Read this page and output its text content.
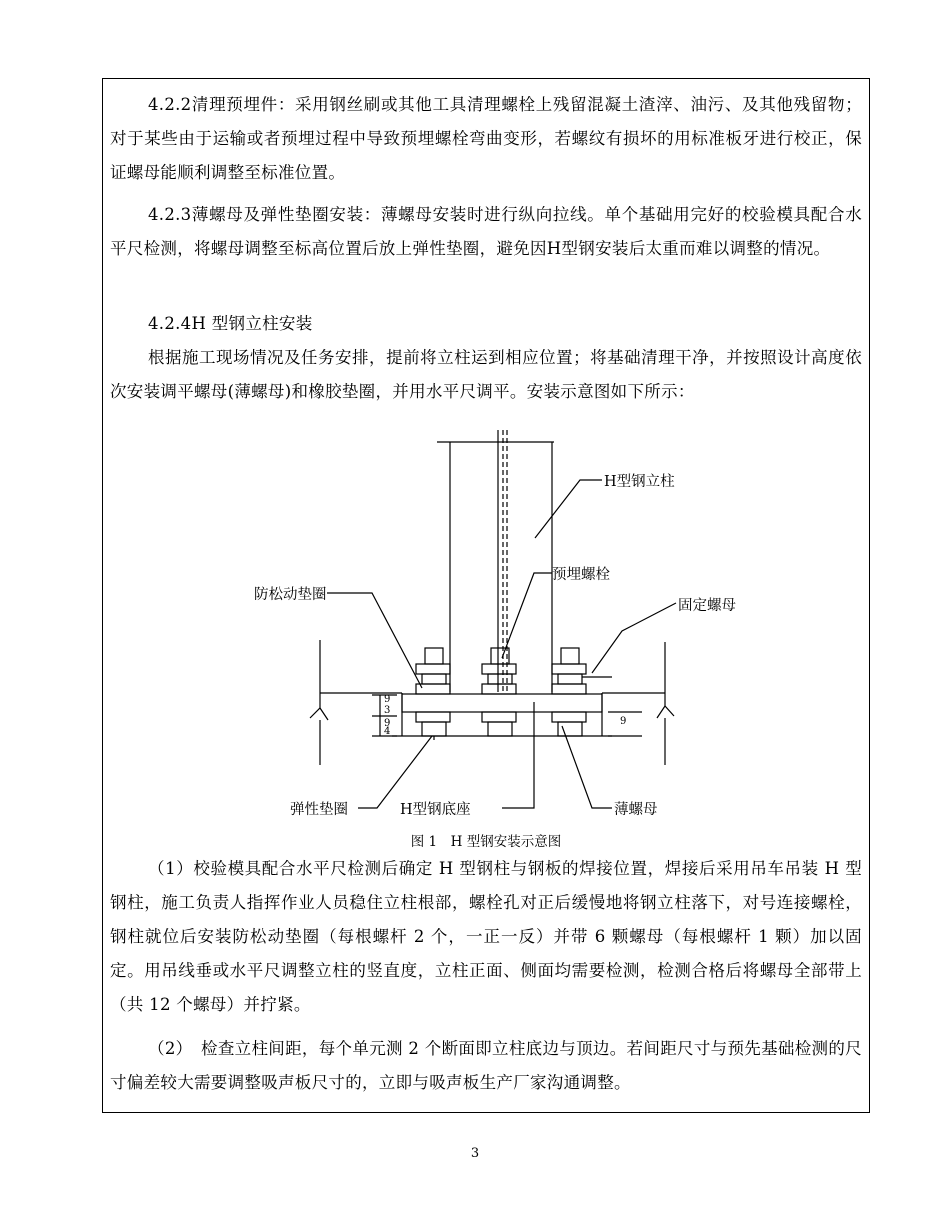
4.2.2清理预埋件：采用钢丝刷或其他工具清理螺栓上残留混凝土渣滓、油污、及其他残留物；对于某些由于运输或者预埋过程中导致预埋螺栓弯曲变形，若螺纹有损坏的用标准板牙进行校正，保证螺母能顺利调整至标准位置。

4.2.3薄螺母及弹性垫圈安装：薄螺母安装时进行纵向拉线。单个基础用完好的校验模具配合水平尺检测，将螺母调整至标高位置后放上弹性垫圈，避免因H型钢安装后太重而难以调整的情况。

4.2.4H 型钢立柱安装

根据施工现场情况及任务安排，提前将立柱运到相应位置；将基础清理干净，并按照设计高度依次安装调平螺母(薄螺母)和橡胶垫圈，并用水平尺调平。安装示意图如下所示：

H型钢立柱
预埋螺栓
防松动垫圈
固定螺母
弹性垫圈	H型钢底座	薄螺母
9
3
9
4
9
图 1　H 型钢安装示意图

（1）校验模具配合水平尺检测后确定 H 型钢柱与钢板的焊接位置，焊接后采用吊车吊装 H 型钢柱，施工负责人指挥作业人员稳住立柱根部，螺栓孔对正后缓慢地将钢立柱落下，对号连接螺栓，钢柱就位后安装防松动垫圈（每根螺杆 2 个，一正一反）并带 6 颗螺母（每根螺杆 1 颗）加以固定。用吊线垂或水平尺调整立柱的竖直度，立柱正面、侧面均需要检测，检测合格后将螺母全部带上（共 12 个螺母）并拧紧。

（2）　检查立柱间距，每个单元测 2 个断面即立柱底边与顶边。若间距尺寸与预先基础检测的尺寸偏差较大需要调整吸声板尺寸的，立即与吸声板生产厂家沟通调整。

3
